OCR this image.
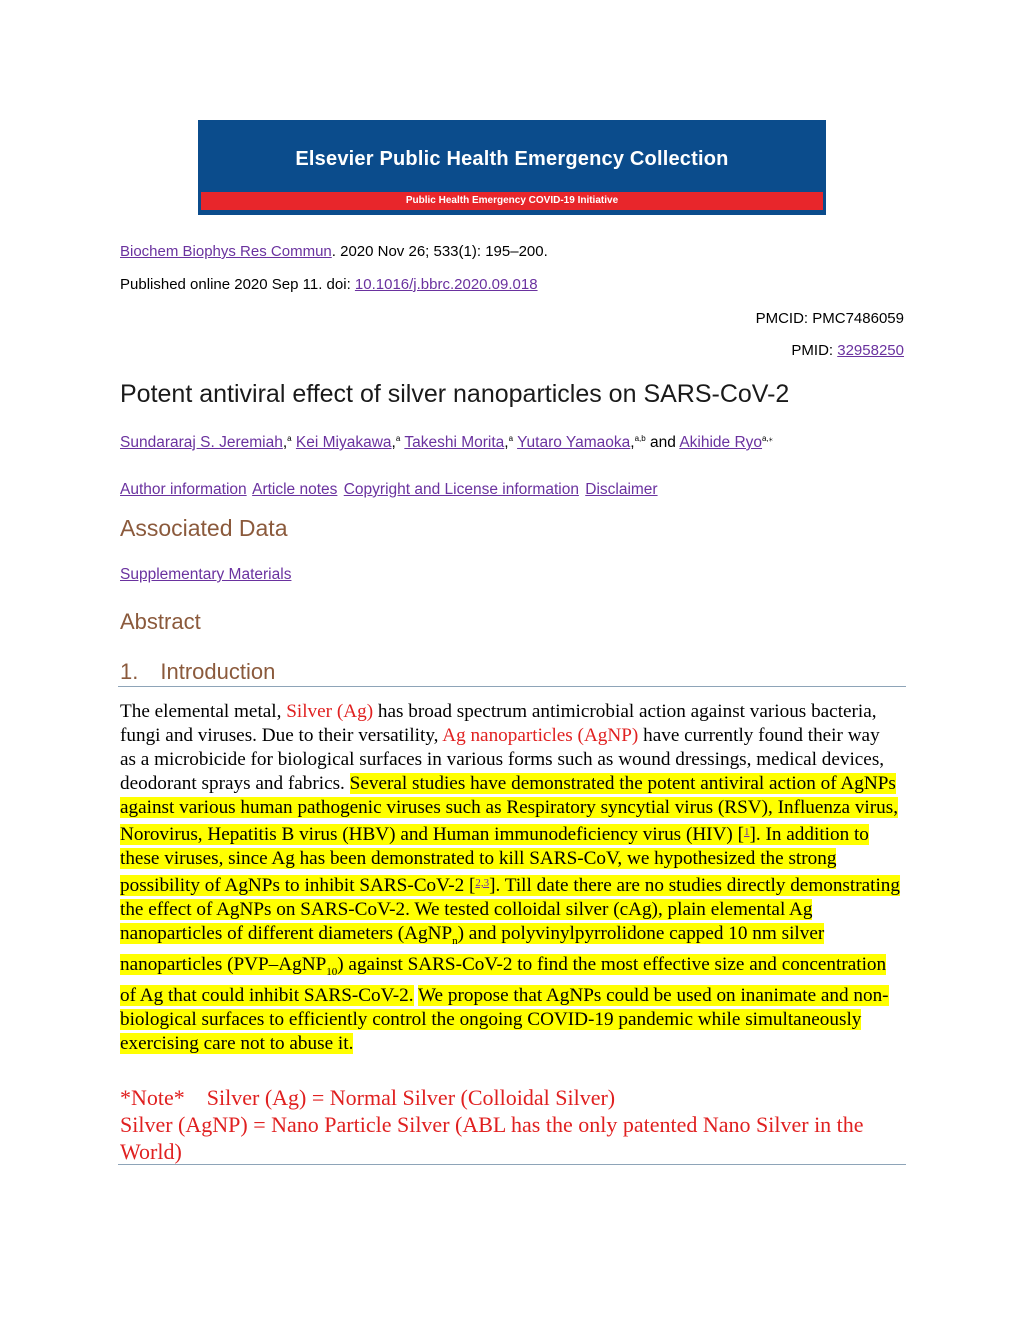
Elsevier Public Health Emergency Collection
Public Health Emergency COVID-19 Initiative
Biochem Biophys Res Commun. 2020 Nov 26; 533(1): 195–200.
Published online 2020 Sep 11. doi: 10.1016/j.bbrc.2020.09.018
PMCID: PMC7486059
PMID: 32958250
Potent antiviral effect of silver nanoparticles on SARS-CoV-2
Sundararaj S. Jeremiah,$^a$ Kei Miyakawa,$^a$ Takeshi Morita,$^a$ Yutaro Yamaoka,$^{a,b}$ and Akihide Ryo$^{a,⁎}$
Author information Article notes Copyright and License information Disclaimer
Associated Data
Supplementary Materials
Abstract
1. Introduction
The elemental metal, Silver (Ag) has broad spectrum antimicrobial action against various bacteria, fungi and viruses. Due to their versatility, Ag nanoparticles (AgNP) have currently found their way as a microbicide for biological surfaces in various forms such as wound dressings, medical devices, deodorant sprays and fabrics. Several studies have demonstrated the potent antiviral action of AgNPs against various human pathogenic viruses such as Respiratory syncytial virus (RSV), Influenza virus, Norovirus, Hepatitis B virus (HBV) and Human immunodeficiency virus (HIV) [$^1$]. In addition to these viruses, since Ag has been demonstrated to kill SARS-CoV, we hypothesized the strong possibility of AgNPs to inhibit SARS-CoV-2 [$^{2,3}$]. Till date there are no studies directly demonstrating the effect of AgNPs on SARS-CoV-2. We tested colloidal silver (cAg), plain elemental Ag nanoparticles of different diameters (AgNP$_n$) and polyvinylpyrrolidone capped 10 nm silver nanoparticles (PVP–AgNP$_{10}$) against SARS-CoV-2 to find the most effective size and concentration of Ag that could inhibit SARS-CoV-2. We propose that AgNPs could be used on inanimate and non-biological surfaces to efficiently control the ongoing COVID-19 pandemic while simultaneously exercising care not to abuse it.
*Note*    Silver (Ag) = Normal Silver (Colloidal Silver)
Silver (AgNP) = Nano Particle Silver (ABL has the only patented Nano Silver in the World)
